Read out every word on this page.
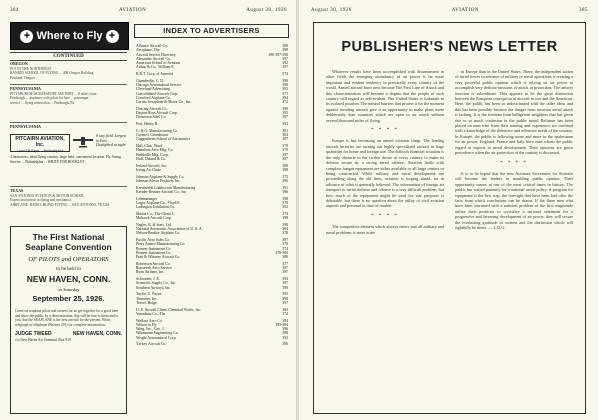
384	AVIATION	August 30, 1926
+ Where to Fly +
CONTINUED
OREGON
FLY IN THE NORTHWEST
RANKIN SCHOOL OF FLYING ... 408 Oregon Building
Portland, Oregon
PENNSYLVANIA
PITTSBURGH-MCKEESPORT AIR PORT ... 8 miles from
Pittsburgh ... airplanes with pilots for hire ... passenger
service ... flying instruction ... Pittsburgh, Pa.
PENNSYLVANIA
PITCAIRN AVIATION, Inc.
Land Tilt Bryn ... Philadelphia
8 way field. Largest in East ... Daylighted at night
4 instructors, ideal flying country, large field, convenient location. Fly Airing Service ... Philadelphia ... WRITE FOR BOOKLET
TEXAS
SAN ANTONIO AVIATION & MOTOR SCHOOL
Expert instruction in flying and mechanics
AIRPLANE, RADIO, BLIND FLYING ... SAN ANTONIO, TEXAS
The First National Seaplane Convention
OF PILOTS and OPERATORS
to be held in
NEW HAVEN, CONN.
on Saturday
September 25, 1926.
Come on seaplane pilots and owners for an get-together for a good time and show the public by a demonstration, that will be true to them and to you, that the SEAPLANE is the best aircraft for the present. Write, telegraph or telephone (Beacon 201) for complete information.
JUDGE TWEED	NEW HAVEN, CONN.
c/o New Haven Air Terminal, Box 919
INDEX TO ADVERTISERS
Alliance Aircraft Co.	388
Aeroplane, The	398
Aircraft Service Directory	396-397-398
Alexander Aircraft Co.	397
American School of Aviation	392
Arthur & Co., William E.	397
B.B.T. Corp. of America	374
Chamberlin, C. D.	398
Chicago Aeronautical Service	398
Cleveland Advertising	395
Consolidated Aircraft Corp.	371
Crawford Airplane Co.	394
Curtiss Aeroplane & Motor Co., Inc.	372
Doering Aircraft Co.	398
Dayton Ross Aircraft Corp.	395
Dickerson Steel Co.	397
Fort, Henry R.	392
G. & O. Manufacturing Co.	381
Greene's Greenhouse	384
Guggenheim School of Aeronautics	387
Hall, Chas. Ward	378
Hamilton Aero Mfg. Co.	378
Heddeille Mfg. Corp.	397
Huff, Daland & Co.	387
Ireland Aircraft, Inc.	388
Irving Air Chute	388
Johnson Airplane & Supply Co.	375
Johnson Motor Products, Inc.	396
Kreutzfeldt Linkbocour Manufacturing	391
Kreider-Reisner Aircraft Co., Inc.	396
Lehmanunger	398
Loges Airplane Co., Floyd F.	378
Ludington Exhibition Co.	392
Martin Co., The Glenn L.	374
Mohawk Aircraft Corp.	398
Nagler, B. & Sons, Ltd.	390
National Aeronautic Association of U. S. A.	384
Nelson-Bentley Airplane Co.	378
Pacific Aero Sales Co.	387
Perry Aniero Manufacturing Co.	378
Pioneer Instrument Co.	374
Pioneer Instrument Co.	378-380
Pratt & Whitney Aircraft Co.	388
Robertson Aircraft Co.	377
Roosevelt Aero Service	397
Ryan Airlines, Inc.	397
Schroeder, J. E.	394
Scientific Supply Co., Inc.	397
Southern Airways, Inc.	398
Taylor, G. Payne	395
Timonier, Inc.	398
Travel, Helge	397
U. S. Aircraft Chem. Chemical Works, Inc.	384
Vanadium Co., The	374
Wallace Aero Co.	394
Wilson in Fly	395-384
Wing, Inc., Geo. J.	396
Wittemann Engineering Co.	388
Wright Aeronautical Corp.	392
Yackey Aircraft Co.	396
August 30, 1926	AVIATION	385
PUBLISHER'S NEWS LETTER

Whatever results have been accomplished with disarmament in other fields the emerging ascendancy of air power is far more important and evident tendency in practically every country of the world. Armed aircraft have now become The First Line of Attack and this characterization will become a dogma that the people of each country will regard as self-evident. The United States is fortunate in its isolated position. The natural barriers that protect it for the moment against invading aircraft give it an opportunity to make plans more deliberately than countries which are open to air attack without several thousand miles of flying.

* * * *

Europe is but becoming an armed aviation camp. The leading aircraft factories are turning out highly specialized aircraft in large quantities for home and foreign use. The difficult financial situation is the only obstacle to the swifter desire of every country to make its defense secure by a strong aerial offense. Aviation fields with complete hangar equipment are either available or all large centers or being constructed. While military and naval development are proceeding along the old lines, aviation is forging ahead, far in advance of what is generally believed. The information of foreign air transport to aerial defense and offense is a very difficult problem, but how much of the equipment might be used for war purposes is debatable, but there is no question about the utility of civil aviation airports and personal in time of trouble.

* * * *

The competitive element which always enters into all military and naval problems is more acute

in Europe than in the United States. There, the independent action of aerial forces in advance of military or naval operations is creating a very powerful public opinion which is relying on air power to accomplish very definite missions of attack or protection. The answer function is subordinate. This appears to be the great distinction between the European conception of aircraft in war and the American. Here, the public has been so indoctrinated with the older ideas and this has been possible because the danger from invasion aerial attack is lacking. It is the freedom from belligerent neighbors that has given rise to so much confusion in the public mind. Reliance has been placed on men who from their training and experience are confined with a knowledge of the defensive and offensive needs of the country. In Europe, the public is following more and more to the spokesman for air power. England, France and Italy have men whom the public regard as experts in aerial development. Their opinions are given precedence when the air protection of the country is discussed.

* * * *

It is to be hoped that the new Assistant Secretaries for Aviation will become the leaders in moulding public opinion. Their opportunity comes at one of the most critical times in history. The public has waited patiently for a national aerial policy. A program for equipment is the first step, the foresight that have been laid offer the facts from which conclusions can be drawn. If the three men who have been entrusted with a national problem of the first magnitude utilize their positions to crystalize a national sentiment for a progressive and farseeing development of air power, they will secure the everlasting gratitude of women and the distinction which will rightfully be theirs. — L.D.G.
